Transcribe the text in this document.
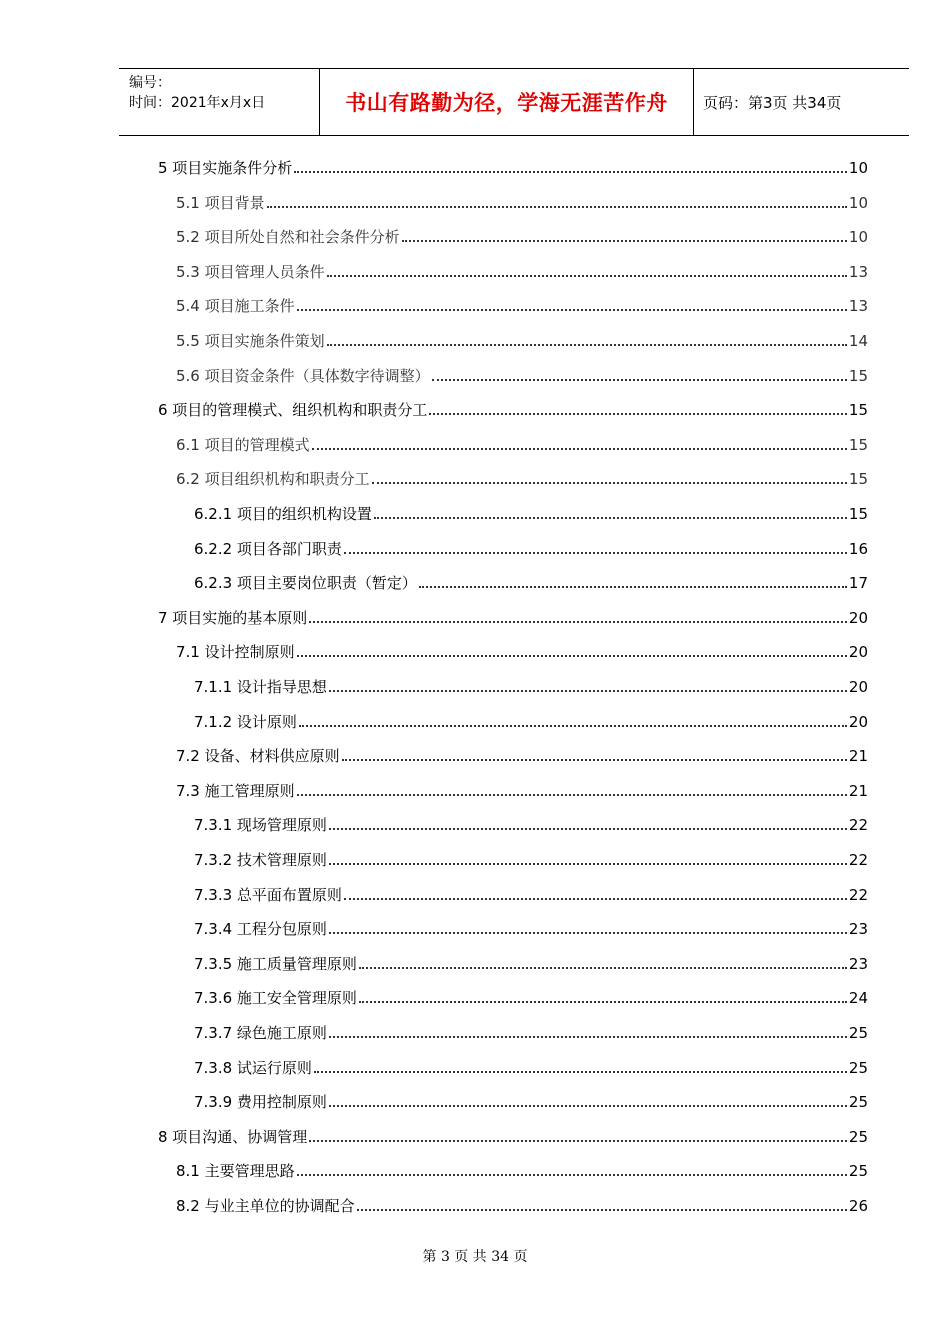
编号：
时间：2021年x月x日	书山有路勤为径，学海无涯苦作舟	页码：第3页 共34页
5 项目实施条件分析	10
5.1 项目背景	10
5.2 项目所处自然和社会条件分析	10
5.3 项目管理人员条件	13
5.4 项目施工条件	13
5.5 项目实施条件策划	14
5.6 项目资金条件（具体数字待调整）	15
6 项目的管理模式、组织机构和职责分工	15
6.1 项目的管理模式	15
6.2 项目组织机构和职责分工	15
6.2.1 项目的组织机构设置	15
6.2.2 项目各部门职责	16
6.2.3 项目主要岗位职责（暂定）	17
7 项目实施的基本原则	20
7.1 设计控制原则	20
7.1.1 设计指导思想	20
7.1.2 设计原则	20
7.2 设备、材料供应原则	21
7.3 施工管理原则	21
7.3.1 现场管理原则	22
7.3.2 技术管理原则	22
7.3.3 总平面布置原则	22
7.3.4 工程分包原则	23
7.3.5 施工质量管理原则	23
7.3.6 施工安全管理原则	24
7.3.7 绿色施工原则	25
7.3.8 试运行原则	25
7.3.9 费用控制原则	25
8 项目沟通、协调管理	25
8.1 主要管理思路	25
8.2 与业主单位的协调配合	26
第 3 页 共 34 页
